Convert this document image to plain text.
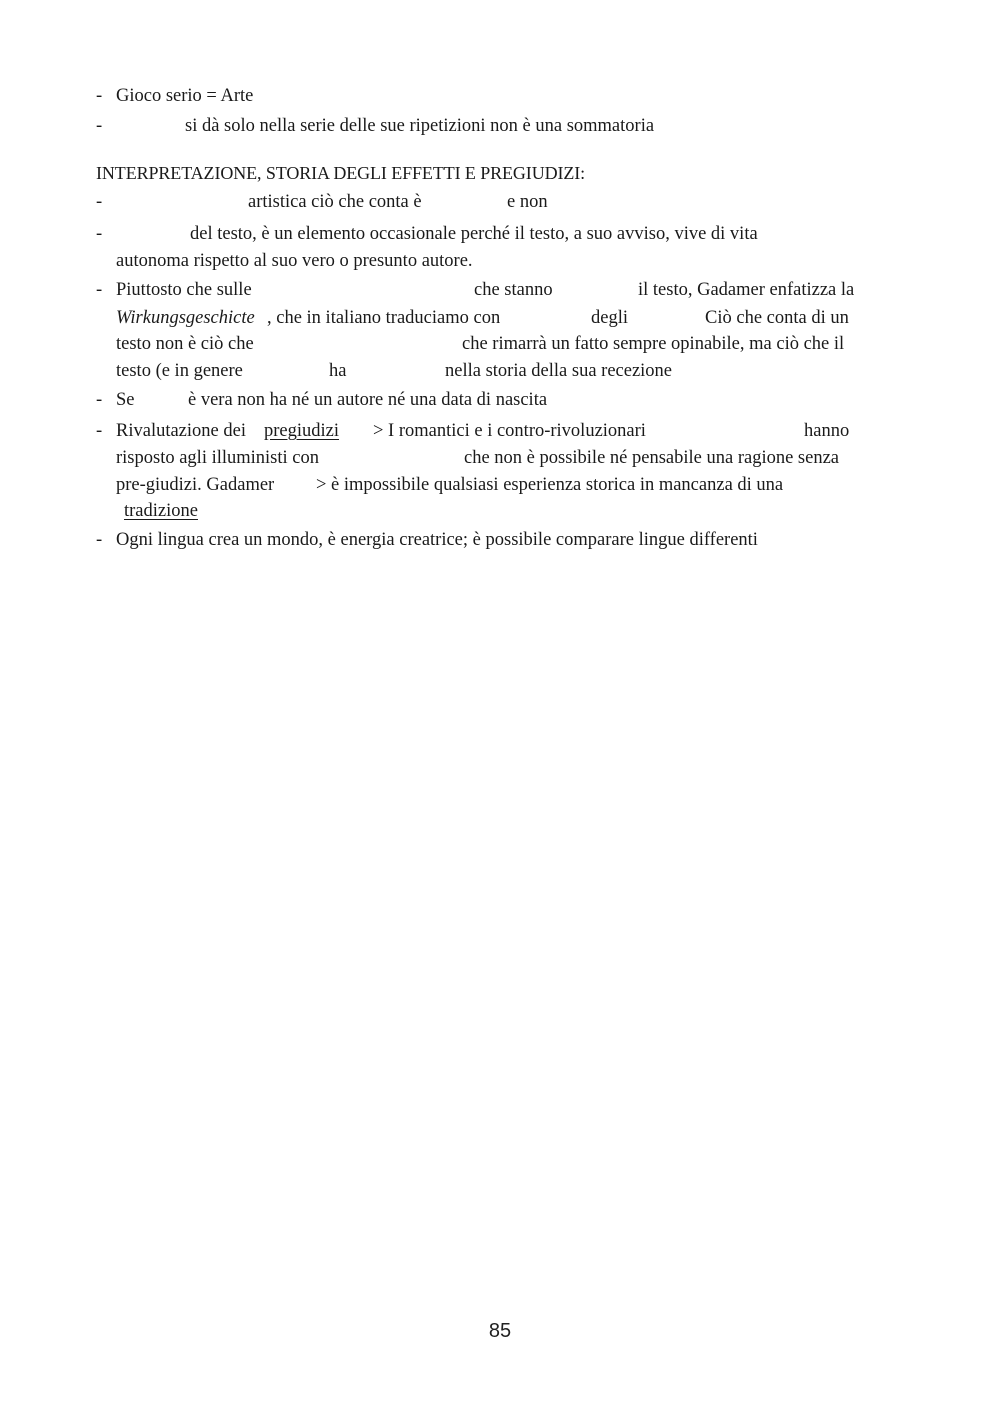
- Gioco serio = Arte
-	si dà solo nella serie delle sue ripetizioni non è una sommatoria
INTERPRETAZIONE, STORIA DEGLI EFFETTI E PREGIUDIZI:
-	artistica ciò che conta è	e non
-	del testo, è un elemento occasionale perché il testo, a suo avviso, vive di vita
autonoma rispetto al suo vero o presunto autore.
- Piuttosto che sulle	che stanno	il testo, Gadamer enfatizza la
Wirkungsgeschicte , che in italiano traduciamo con	degli	Ciò che conta di un
testo non è ciò che	che rimarrà un fatto sempre opinabile, ma ciò che il
testo (e in genere	ha	nella storia della sua recezione
- Se	è vera non ha né un autore né una data di nascita
- Rivalutazione dei pregiudizi > I romantici e i contro-rivoluzionari	hanno
risposto agli illuministi con	che non è possibile né pensabile una ragione senza
pre-giudizi. Gadamer > è impossibile qualsiasi esperienza storica in mancanza di una
tradizione
- Ogni lingua crea un mondo, è energia creatrice; è possibile comparare lingue differenti
85
